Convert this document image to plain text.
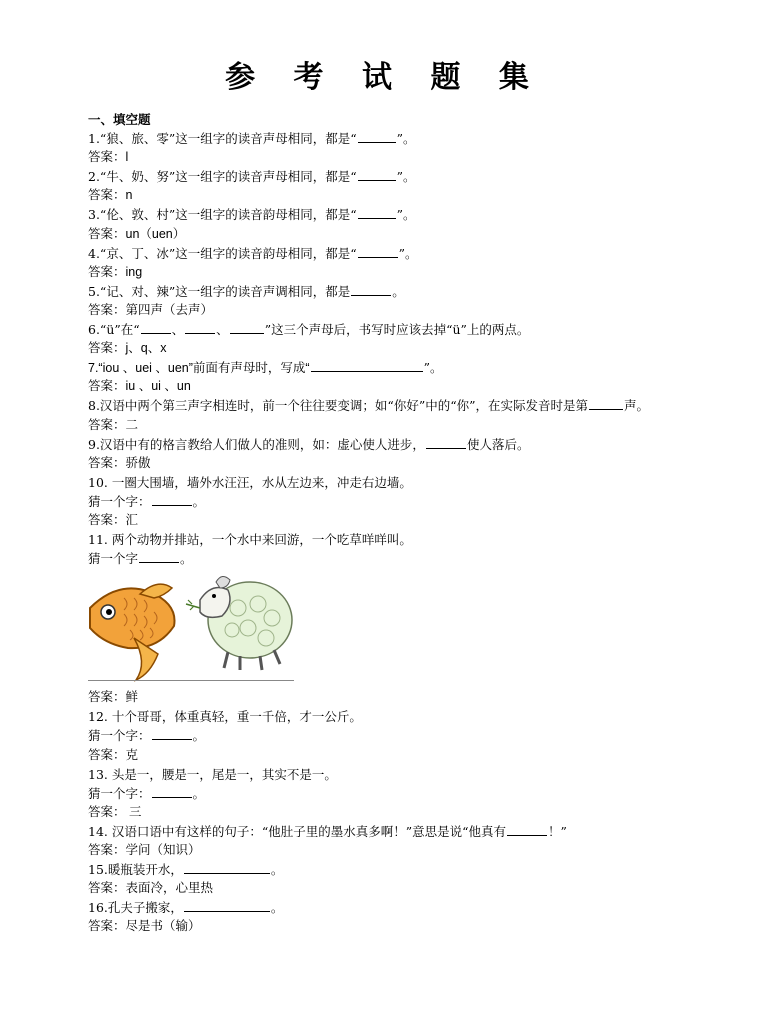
参 考 试 题 集
一、填空题
1.“狼、旅、零”这一组字的读音声母相同，都是“	”。
答案：l
2.“牛、奶、努”这一组字的读音声母相同，都是“	”。
答案：n
3.“伦、敦、村”这一组字的读音韵母相同，都是“	”。
答案：un（uen）
4.“京、丁、冰”这一组字的读音韵母相同，都是“	”。
答案：ing
5.“记、对、辣”这一组字的读音声调相同，都是	。
答案：第四声（去声）
6.“ü”在“	、	、	”这三个声母后，书写时应该去掉“ü”上的两点。
答案：j、q、x
7.“iou 、uei 、uen”前面有声母时，写成“	”。
答案：iu 、ui 、un
8.汉语中两个第三声字相连时，前一个往往要变调；如“你好”中的“你”，在实际发音时是第	声。
答案：二
9.汉语中有的格言教给人们做人的准则，如：虚心使人进步，	使人落后。
答案：骄傲
10. 一圈大围墙，墙外水汪汪，水从左边来，冲走右边墙。
猜一个字：	。
答案：汇
11. 两个动物并排站，一个水中来回游，一个吃草咩咩叫。
猜一个字	。
答案：鲜
12. 十个哥哥，体重真轻，重一千倍，才一公斤。
猜一个字：	。
答案：克
13. 头是一，腰是一，尾是一，其实不是一。
猜一个字：	。
答案： 三
14. 汉语口语中有这样的句子：“他肚子里的墨水真多啊！”意思是说“他真有	！”
答案：学问（知识）
15.暖瓶装开水，	。
答案：表面冷，心里热
16.孔夫子搬家，	。
答案：尽是书（输）
